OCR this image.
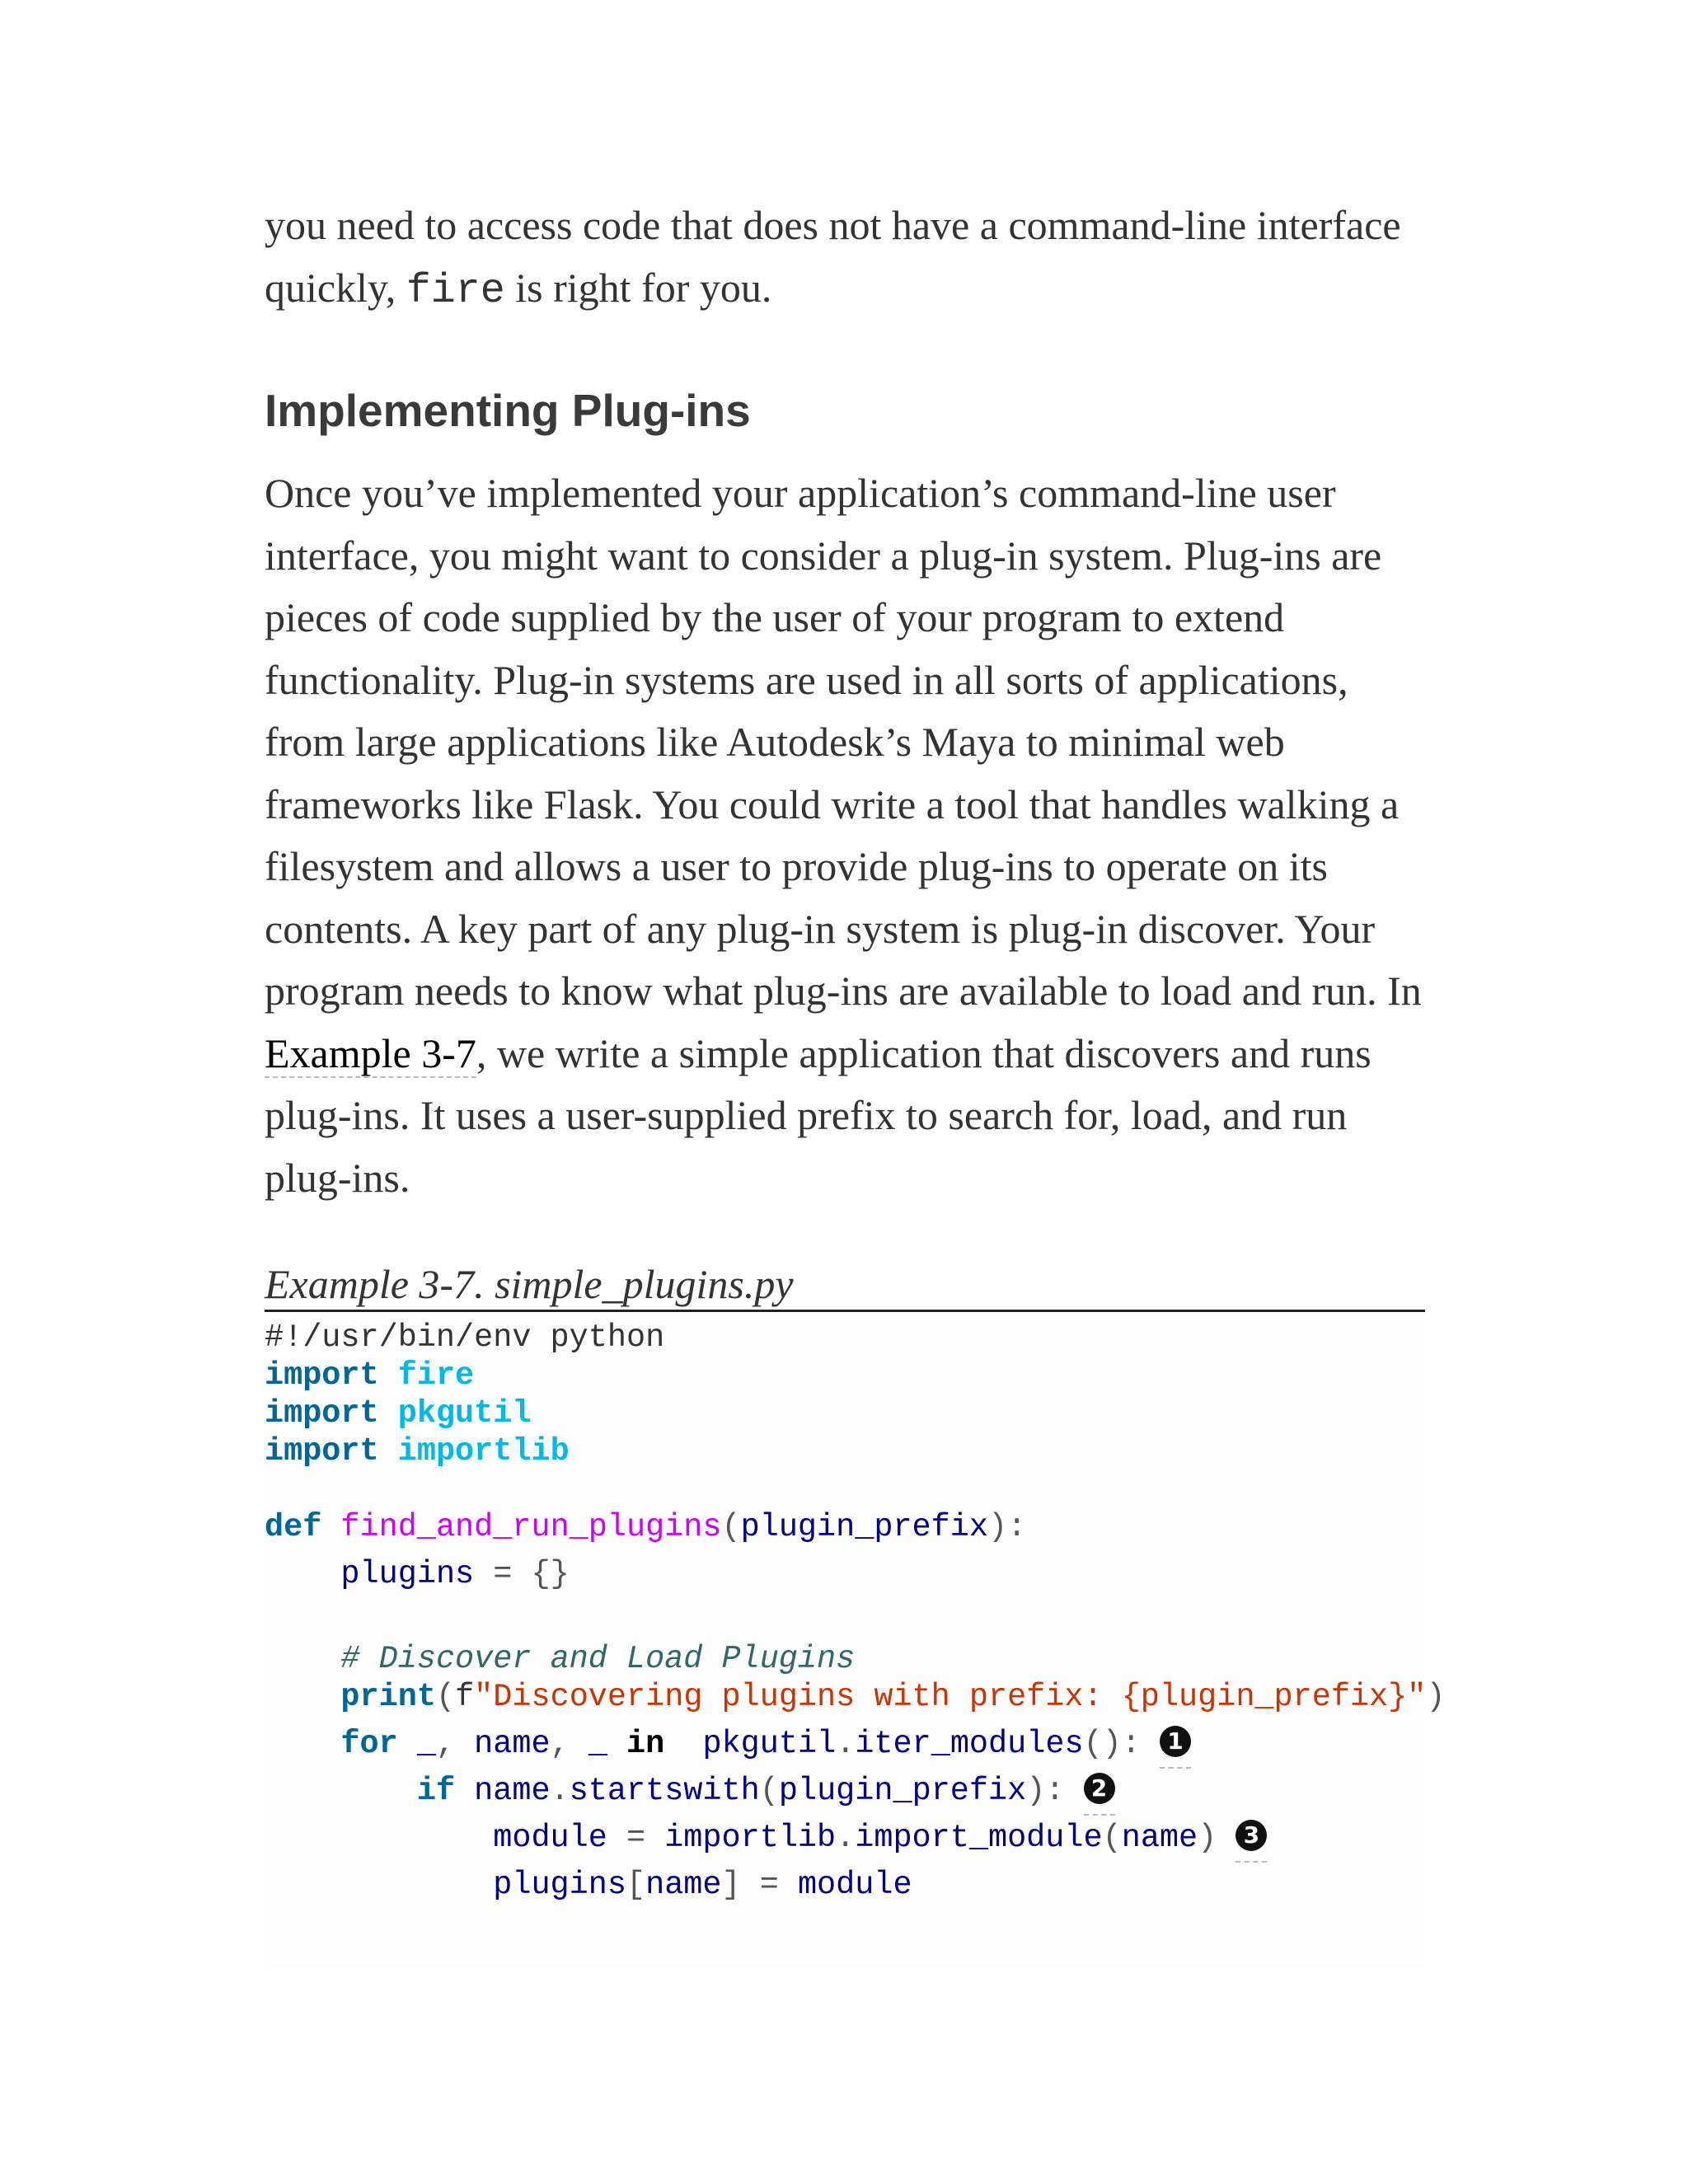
you need to access code that does not have a command-line interface quickly, fire is right for you.

Implementing Plug-ins

Once you’ve implemented your application’s command-line user interface, you might want to consider a plug-in system. Plug-ins are pieces of code supplied by the user of your program to extend functionality. Plug-in systems are used in all sorts of applications, from large applications like Autodesk’s Maya to minimal web frameworks like Flask. You could write a tool that handles walking a filesystem and allows a user to provide plug-ins to operate on its contents. A key part of any plug-in system is plug-in discover. Your program needs to know what plug-ins are available to load and run. In Example 3-7, we write a simple application that discovers and runs plug-ins. It uses a user-supplied prefix to search for, load, and run plug-ins.

Example 3-7. simple_plugins.py

#!/usr/bin/env python
import fire
import pkgutil
import importlib
def find_and_run_plugins(plugin_prefix):
plugins = {}
# Discover and Load Plugins
print(f"Discovering plugins with prefix: {plugin_prefix}")
for _, name, _ in pkgutil.iter_modules(): 1
if name.startswith(plugin_prefix): 2
module = importlib.import_module(name) 3
plugins[name] = module
